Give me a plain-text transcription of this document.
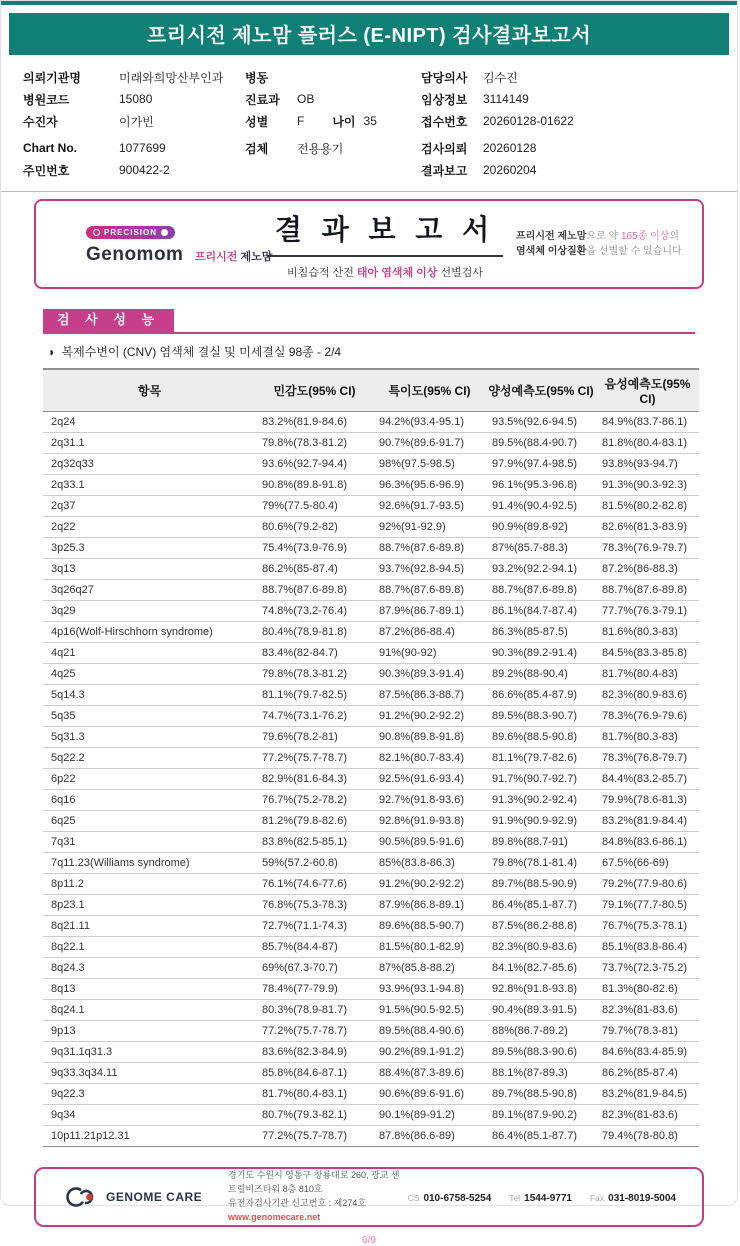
프리시전 제노맘 플러스 (E-NIPT) 검사결과보고서
의뢰기관명	미래와희망산부인과
병원코드	15080
수진자	이가빈
Chart No.	1077699
주민번호	900422-2
병동
진료과	OB
성별	F 나이 35
검체	전용용기
담당의사	김수진
임상정보	3114149
접수번호	20260128-01622
검사의뢰	20260128
결과보고	20260204
PRECISION
Genomom 프리시전 제노맘
결 과 보 고 서
비침습적 산전 태아 염색체 이상 선별검사
프리시전 제노맘으로 약 165종 이상의
염색체 이상질환을 선별할 수 있습니다
검 사 성 능
◑ 복제수변이 (CNV) 염색체 결실 및 미세결실 98종 - 2/4
항목	민감도(95% CI)	특이도(95% CI)	양성예측도(95% CI)	음성예측도(95% CI)
2q24	83.2%(81.9-84.6)	94.2%(93.4-95.1)	93.5%(92.6-94.5)	84.9%(83.7-86.1)
2q31.1	79.8%(78.3-81.2)	90.7%(89.6-91.7)	89.5%(88.4-90.7)	81.8%(80.4-83.1)
2q32q33	93.6%(92.7-94.4)	98%(97.5-98.5)	97.9%(97.4-98.5)	93.8%(93-94.7)
2q33.1	90.8%(89.8-91.8)	96.3%(95.6-96.9)	96.1%(95.3-96.8)	91.3%(90.3-92.3)
2q37	79%(77.5-80.4)	92.6%(91.7-93.5)	91.4%(90.4-92.5)	81.5%(80.2-82.8)
2q22	80.6%(79.2-82)	92%(91-92.9)	90.9%(89.8-92)	82.6%(81.3-83.9)
3p25.3	75.4%(73.9-76.9)	88.7%(87.6-89.8)	87%(85.7-88.3)	78.3%(76.9-79.7)
3q13	86.2%(85-87.4)	93.7%(92.8-94.5)	93.2%(92.2-94.1)	87.2%(86-88.3)
3q26q27	88.7%(87.6-89.8)	88.7%(87.6-89.8)	88.7%(87.6-89.8)	88.7%(87.6-89.8)
3q29	74.8%(73.2-76.4)	87.9%(86.7-89.1)	86.1%(84.7-87.4)	77.7%(76.3-79.1)
4p16(Wolf-Hirschhorn syndrome)	80.4%(78.9-81.8)	87.2%(86-88.4)	86.3%(85-87.5)	81.6%(80.3-83)
4q21	83.4%(82-84.7)	91%(90-92)	90.3%(89.2-91.4)	84.5%(83.3-85.8)
4q25	79.8%(78.3-81.2)	90.3%(89.3-91.4)	89.2%(88-90.4)	81.7%(80.4-83)
5q14.3	81.1%(79.7-82.5)	87.5%(86.3-88.7)	86.6%(85.4-87.9)	82.3%(80.9-83.6)
5q35	74.7%(73.1-76.2)	91.2%(90.2-92.2)	89.5%(88.3-90.7)	78.3%(76.9-79.6)
5q31.3	79.6%(78.2-81)	90.8%(89.8-91.8)	89.6%(88.5-90.8)	81.7%(80.3-83)
5q22.2	77.2%(75.7-78.7)	82.1%(80.7-83.4)	81.1%(79.7-82.6)	78.3%(76.8-79.7)
6p22	82.9%(81.6-84.3)	92.5%(91.6-93.4)	91.7%(90.7-92.7)	84.4%(83.2-85.7)
6q16	76.7%(75.2-78.2)	92.7%(91.8-93.6)	91.3%(90.2-92.4)	79.9%(78.6-81.3)
6q25	81.2%(79.8-82.6)	92.8%(91.9-93.8)	91.9%(90.9-92.9)	83.2%(81.9-84.4)
7q31	83.8%(82.5-85.1)	90.5%(89.5-91.6)	89.8%(88.7-91)	84.8%(83.6-86.1)
7q11.23(Williams syndrome)	59%(57.2-60.8)	85%(83.8-86.3)	79.8%(78.1-81.4)	67.5%(66-69)
8p11.2	76.1%(74.6-77.6)	91.2%(90.2-92.2)	89.7%(88.5-90.9)	79.2%(77.9-80.6)
8p23.1	76.8%(75.3-78.3)	87.9%(86.8-89.1)	86.4%(85.1-87.7)	79.1%(77.7-80.5)
8q21.11	72.7%(71.1-74.3)	89.6%(88.5-90.7)	87.5%(86.2-88.8)	76.7%(75.3-78.1)
8q22.1	85.7%(84.4-87)	81.5%(80.1-82.9)	82.3%(80.9-83.6)	85.1%(83.8-86.4)
8q24.3	69%(67.3-70.7)	87%(85.8-88.2)	84.1%(82.7-85.6)	73.7%(72.3-75.2)
8q13	78.4%(77-79.9)	93.9%(93.1-94.8)	92.8%(91.8-93.8)	81.3%(80-82.6)
8q24.1	80.3%(78.9-81.7)	91.5%(90.5-92.5)	90.4%(89.3-91.5)	82.3%(81-83.6)
9p13	77.2%(75.7-78.7)	89.5%(88.4-90.6)	88%(86.7-89.2)	79.7%(78.3-81)
9q31.1q31.3	83.6%(82.3-84.9)	90.2%(89.1-91.2)	89.5%(88.3-90.6)	84.6%(83.4-85.9)
9q33.3q34.11	85.8%(84.6-87.1)	88.4%(87.3-89.6)	88.1%(87-89.3)	86.2%(85-87.4)
9q22.3	81.7%(80.4-83.1)	90.6%(89.6-91.6)	89.7%(88.5-90.8)	83.2%(81.9-84.5)
9q34	80.7%(79.3-82.1)	90.1%(89-91.2)	89.1%(87.9-90.2)	82.3%(81-83.6)
10p11.21p12.31	77.2%(75.7-78.7)	87.8%(86.6-89)	86.4%(85.1-87.7)	79.4%(78-80.8)
GENOME CARE
경기도 수원시 영통구 창룡대로 260, 광교 센트럴비즈타워 8층 810호
유전자검사기관 신고번호 : 제274호
www.genomecare.net
CS 010-6758-5254 Tel 1544-9771 Fax 031-8019-5004
6/9
